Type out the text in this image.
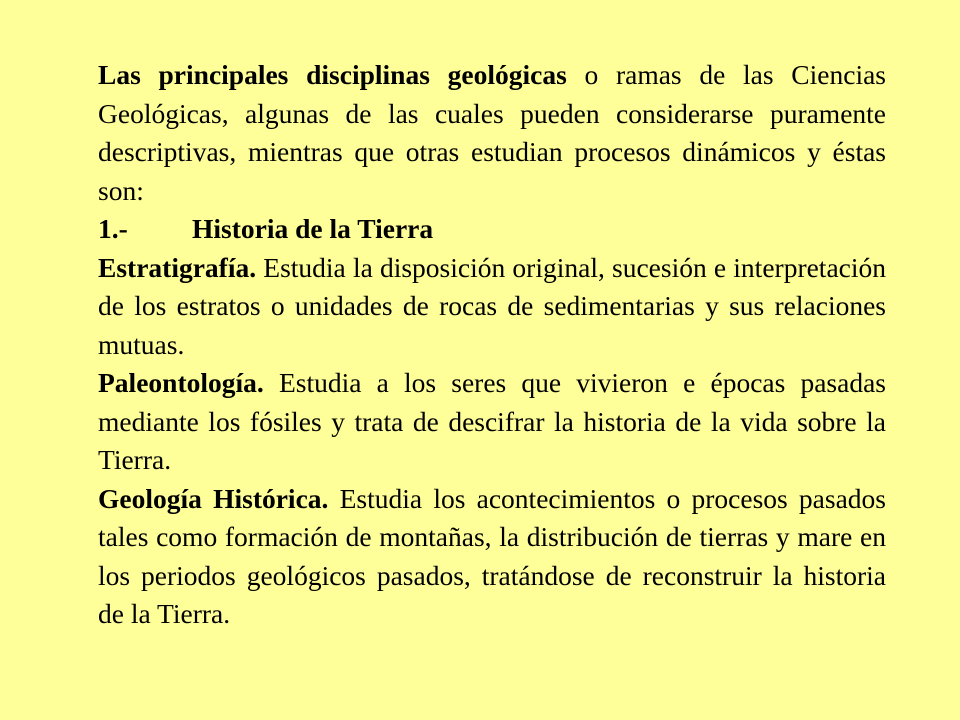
Las principales disciplinas geológicas o ramas de las Ciencias Geológicas, algunas de las cuales pueden considerarse puramente descriptivas, mientras que otras estudian procesos dinámicos y éstas son:

1.- Historia de la Tierra

Estratigrafía. Estudia la disposición original, sucesión e interpretación de los estratos o unidades de rocas de sedimentarias y sus relaciones mutuas.

Paleontología. Estudia a los seres que vivieron e épocas pasadas mediante los fósiles y trata de descifrar la historia de la vida sobre la Tierra.

Geología Histórica. Estudia los acontecimientos o procesos pasados tales como formación de montañas, la distribución de tierras y mare en los periodos geológicos pasados, tratándose de reconstruir la historia de la Tierra.
